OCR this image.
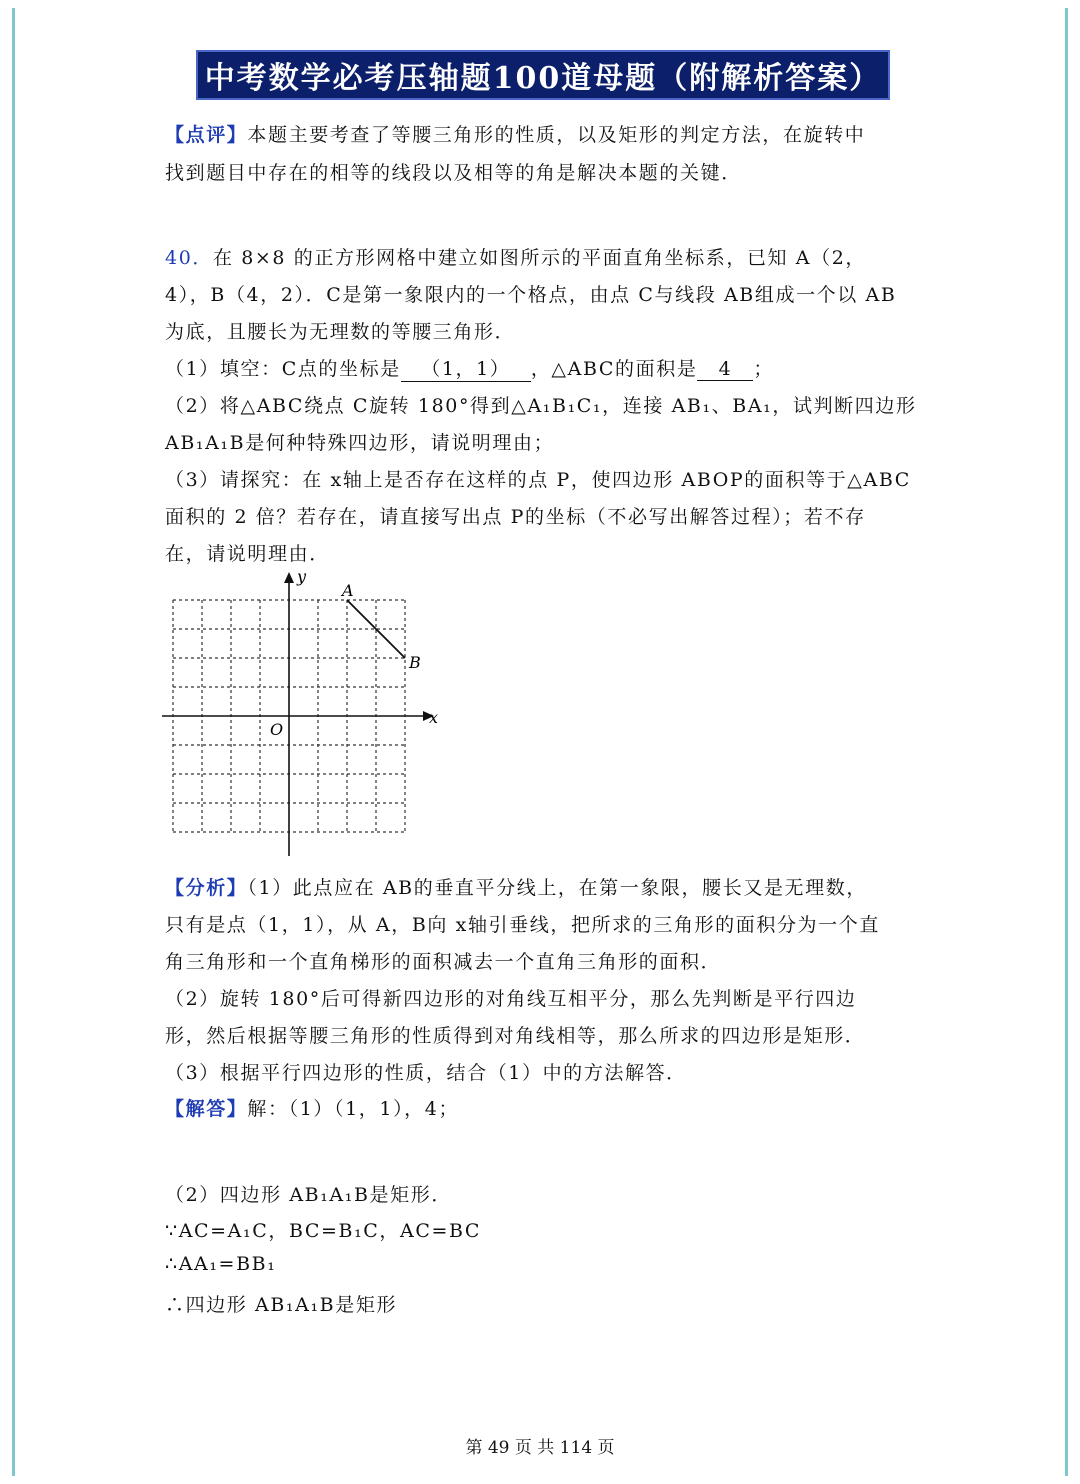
中考数学必考压轴题100道母题（附解析答案）
【点评】本题主要考查了等腰三角形的性质，以及矩形的判定方法，在旋转中
找到题目中存在的相等的线段以及相等的角是解决本题的关键．
40．在 8×8 的正方形网格中建立如图所示的平面直角坐标系，已知 A（2，
4），B（4，2）．C是第一象限内的一个格点，由点 C与线段 AB组成一个以 AB
为底，且腰长为无理数的等腰三角形．
（1）填空：C点的坐标是 （1，1） ，△ABC的面积是 4 ；
（2）将△ABC绕点 C旋转 180°得到△A₁B₁C₁，连接 AB₁、BA₁，试判断四边形
AB₁A₁B是何种特殊四边形，请说明理由；
（3）请探究：在 x轴上是否存在这样的点 P，使四边形 ABOP的面积等于△ABC
面积的 2 倍？若存在，请直接写出点 P的坐标（不必写出解答过程）；若不存
在，请说明理由．
A
B
O
x
y
【分析】（1）此点应在 AB的垂直平分线上，在第一象限，腰长又是无理数，
只有是点（1，1），从 A，B向 x轴引垂线，把所求的三角形的面积分为一个直
角三角形和一个直角梯形的面积减去一个直角三角形的面积．
（2）旋转 180°后可得新四边形的对角线互相平分，那么先判断是平行四边
形，然后根据等腰三角形的性质得到对角线相等，那么所求的四边形是矩形．
（3）根据平行四边形的性质，结合（1）中的方法解答．
【解答】解：（1）（1，1），4；
（2）四边形 AB₁A₁B是矩形．
∵AC=A₁C，BC=B₁C，AC=BC
∴AA₁=BB₁
∴四边形 AB₁A₁B是矩形
第 49 页 共 114 页
